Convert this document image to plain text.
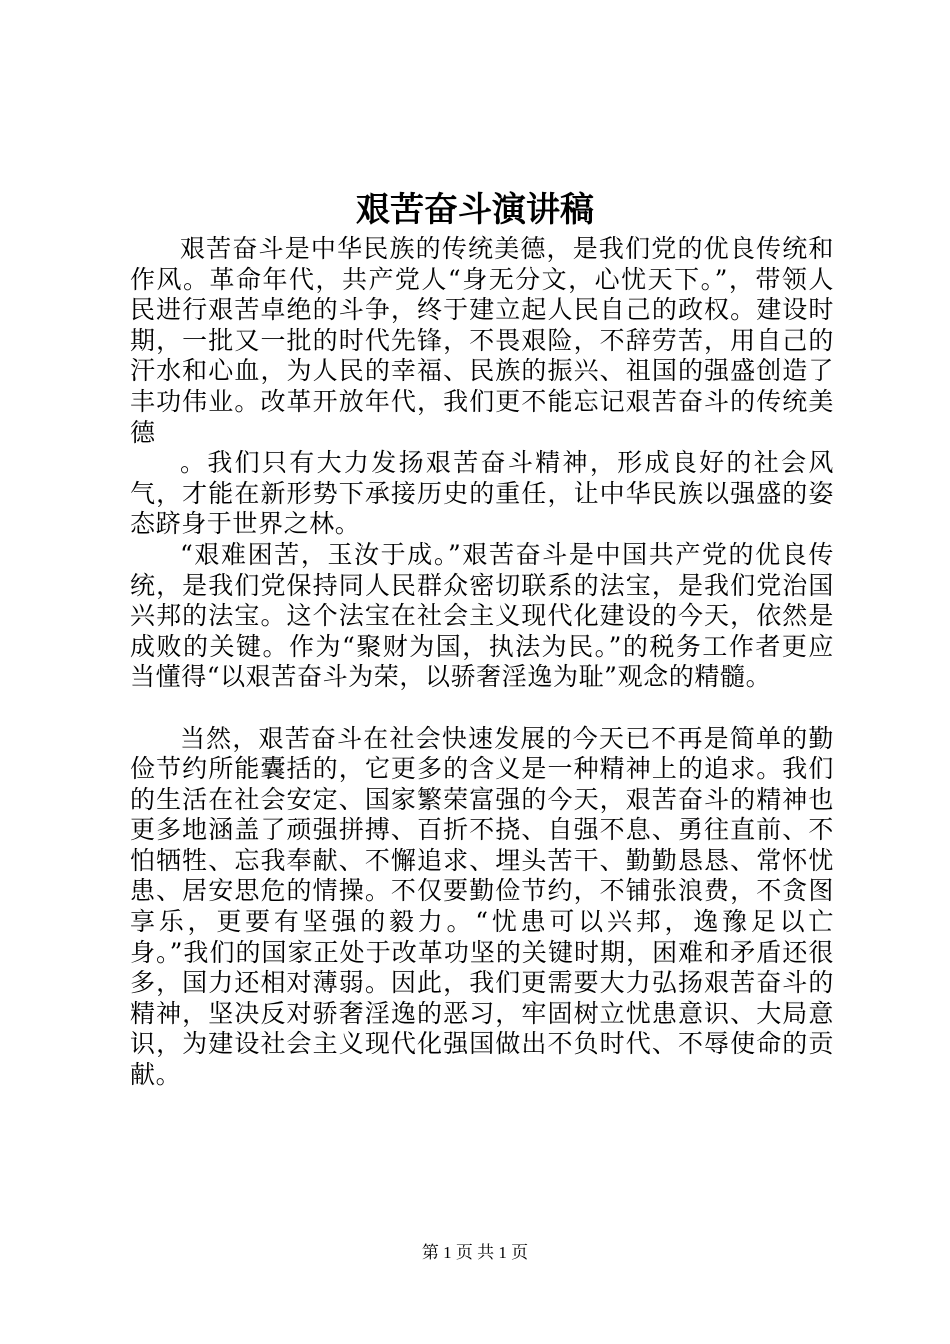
艰苦奋斗演讲稿

艰苦奋斗是中华民族的传统美德，是我们党的优良传统和作风。革命年代，共产党人“身无分文，心忧天下。”，带领人民进行艰苦卓绝的斗争，终于建立起人民自己的政权。建设时期，一批又一批的时代先锋，不畏艰险，不辞劳苦，用自己的汗水和心血，为人民的幸福、民族的振兴、祖国的强盛创造了丰功伟业。改革开放年代，我们更不能忘记艰苦奋斗的传统美德

。我们只有大力发扬艰苦奋斗精神，形成良好的社会风气，才能在新形势下承接历史的重任，让中华民族以强盛的姿态跻身于世界之林。

“艰难困苦，玉汝于成。”艰苦奋斗是中国共产党的优良传统，是我们党保持同人民群众密切联系的法宝，是我们党治国兴邦的法宝。这个法宝在社会主义现代化建设的今天，依然是成败的关键。作为“聚财为国，执法为民。”的税务工作者更应当懂得“以艰苦奋斗为荣，以骄奢淫逸为耻”观念的精髓。

当然，艰苦奋斗在社会快速发展的今天已不再是简单的勤俭节约所能囊括的，它更多的含义是一种精神上的追求。我们的生活在社会安定、国家繁荣富强的今天，艰苦奋斗的精神也更多地涵盖了顽强拼搏、百折不挠、自强不息、勇往直前、不怕牺牲、忘我奉献、不懈追求、埋头苦干、勤勤恳恳、常怀忧患、居安思危的情操。不仅要勤俭节约，不铺张浪费，不贪图享乐，更要有坚强的毅力。“忧患可以兴邦，逸豫足以亡身。”我们的国家正处于改革功坚的关键时期，困难和矛盾还很多，国力还相对薄弱。因此，我们更需要大力弘扬艰苦奋斗的精神，坚决反对骄奢淫逸的恶习，牢固树立忧患意识、大局意识，为建设社会主义现代化强国做出不负时代、不辱使命的贡献。

第 1 页 共 1 页
